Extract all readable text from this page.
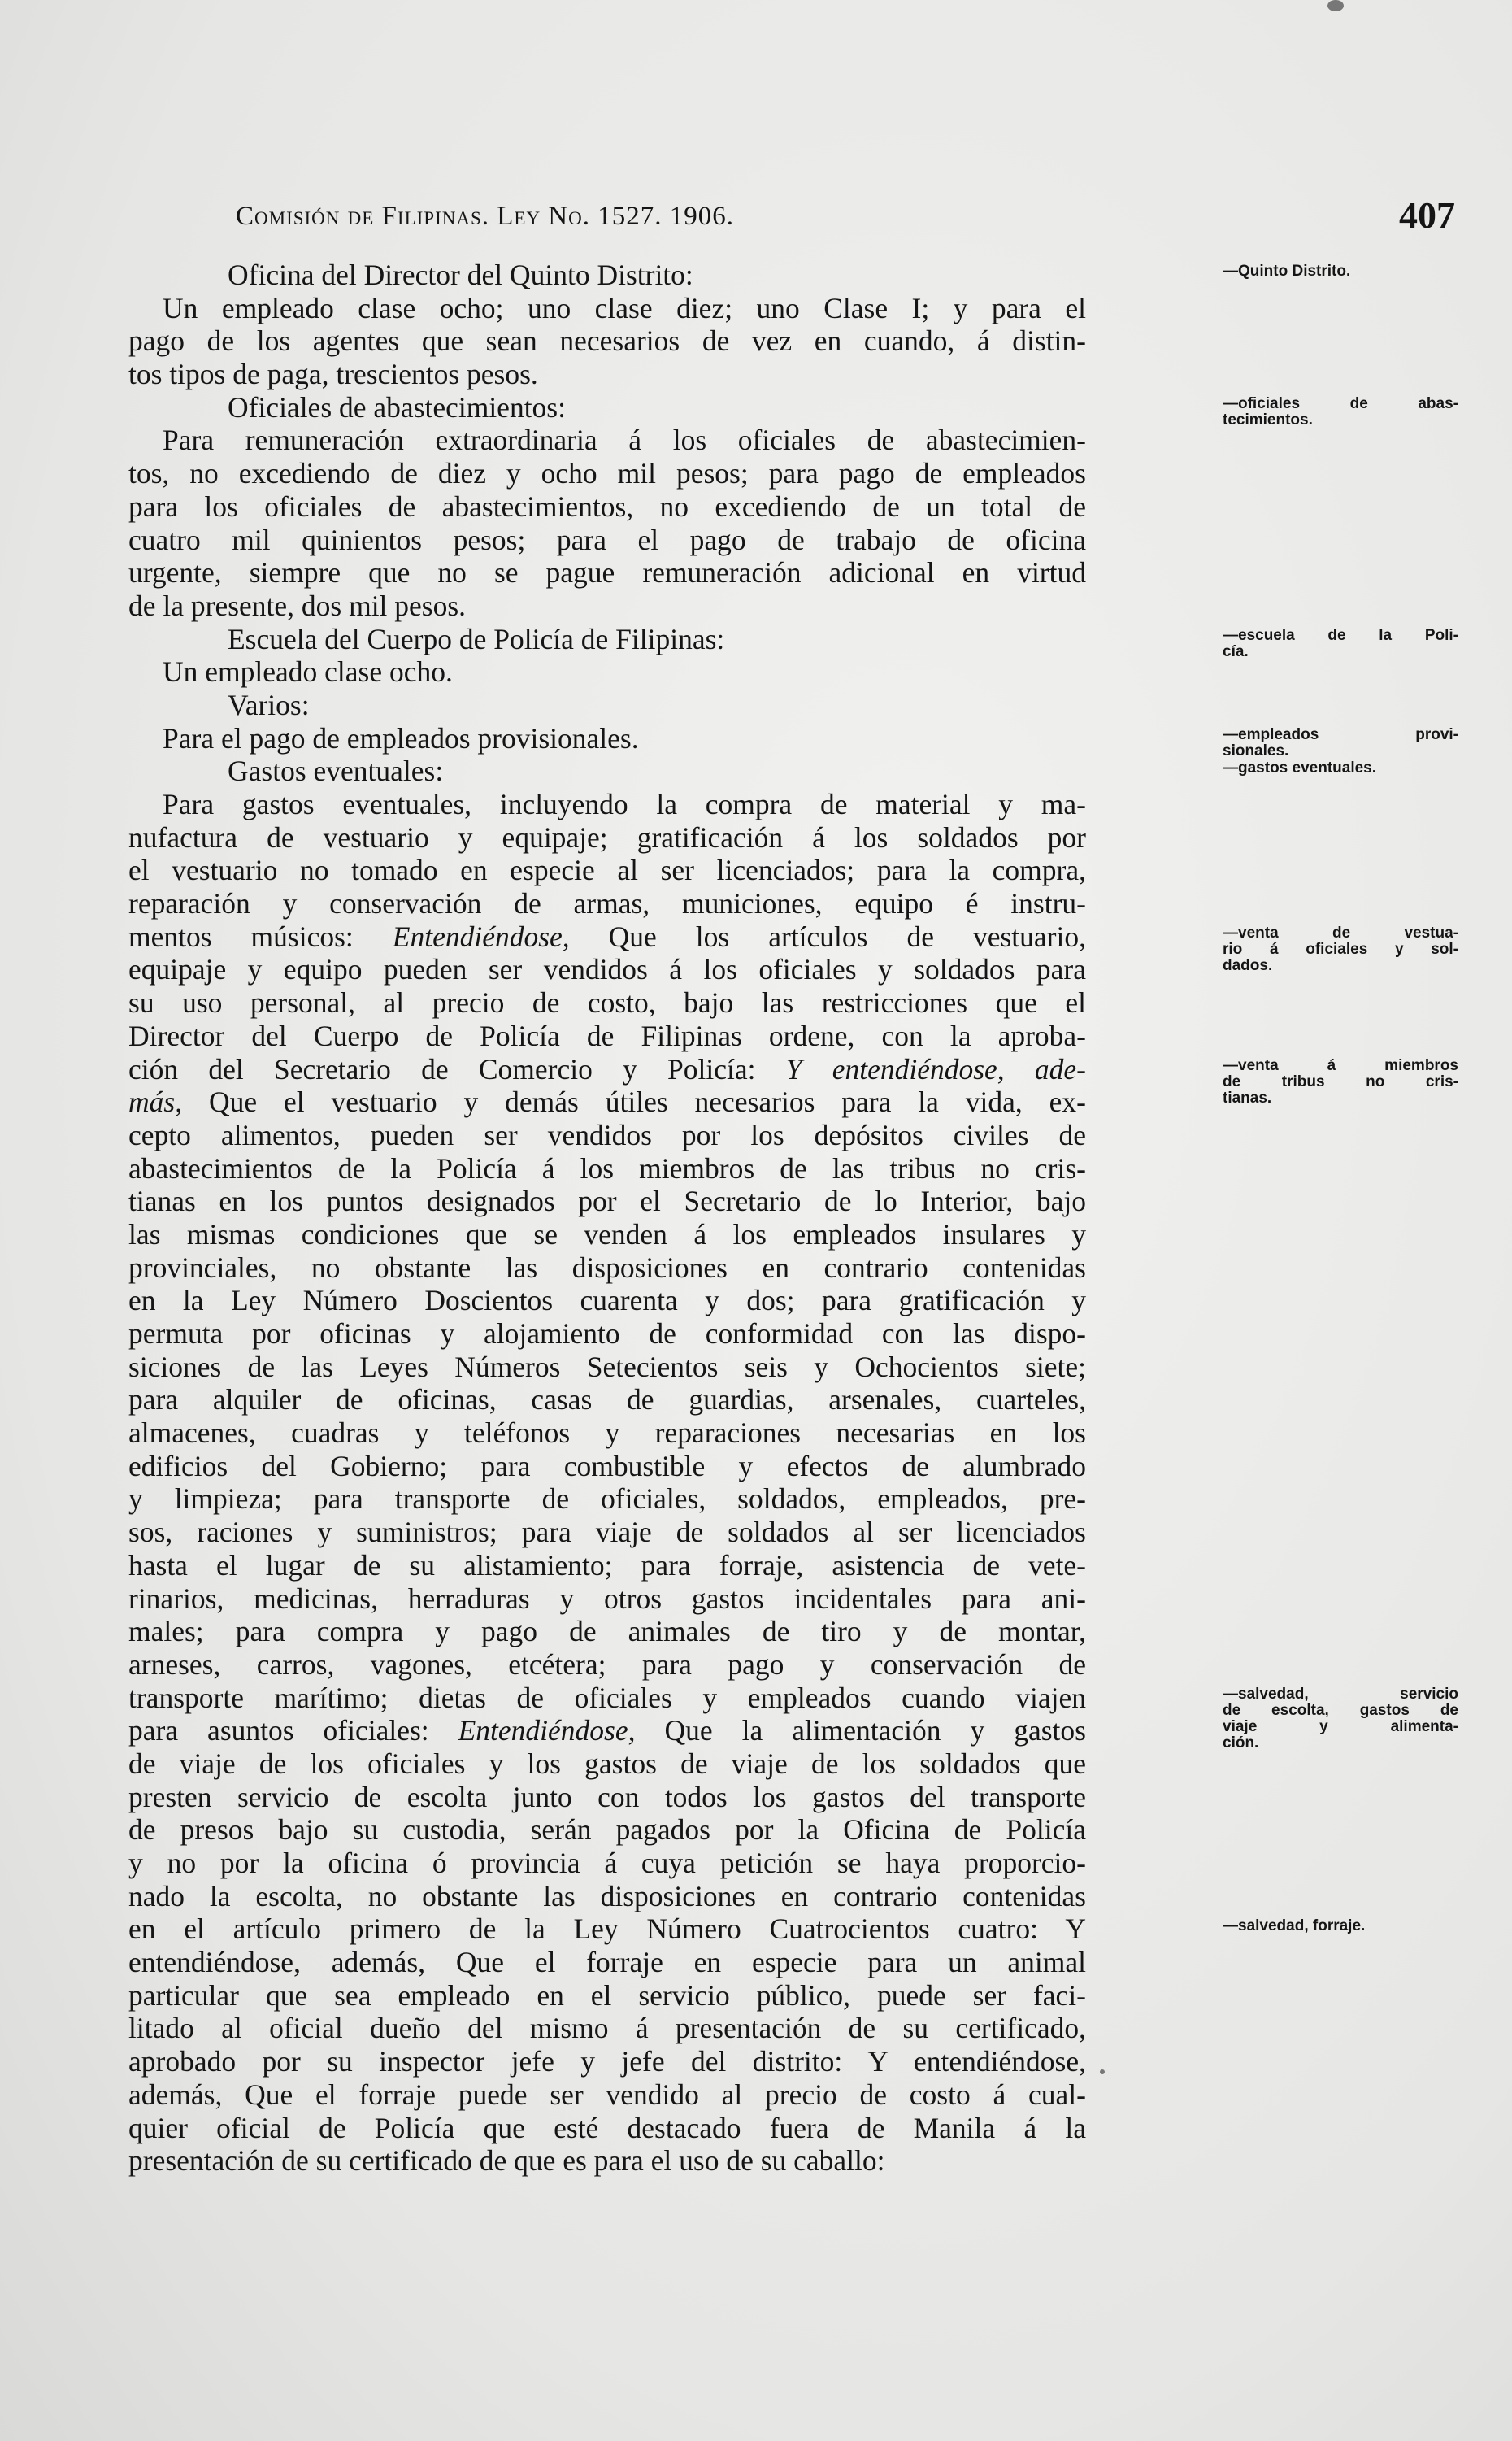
Comisión de Filipinas. Ley No. 1527. 1906.	407
Oficina del Director del Quinto Distrito:
Un empleado clase ocho; uno clase diez; uno Clase I; y para el
pago de los agentes que sean necesarios de vez en cuando, á distin-
tos tipos de paga, trescientos pesos.
Oficiales de abastecimientos:
Para remuneración extraordinaria á los oficiales de abastecimien-
tos, no excediendo de diez y ocho mil pesos; para pago de empleados
para los oficiales de abastecimientos, no excediendo de un total de
cuatro mil quinientos pesos; para el pago de trabajo de oficina
urgente, siempre que no se pague remuneración adicional en virtud
de la presente, dos mil pesos.
Escuela del Cuerpo de Policía de Filipinas:
Un empleado clase ocho.
Varios:
Para el pago de empleados provisionales.
Gastos eventuales:
Para gastos eventuales, incluyendo la compra de material y ma-
nufactura de vestuario y equipaje; gratificación á los soldados por
el vestuario no tomado en especie al ser licenciados; para la compra,
reparación y conservación de armas, municiones, equipo é instru-
mentos músicos: Entendiéndose, Que los artículos de vestuario,
equipaje y equipo pueden ser vendidos á los oficiales y soldados para
su uso personal, al precio de costo, bajo las restricciones que el
Director del Cuerpo de Policía de Filipinas ordene, con la aproba-
ción del Secretario de Comercio y Policía: Y entendiéndose, ade-
más, Que el vestuario y demás útiles necesarios para la vida, ex-
cepto alimentos, pueden ser vendidos por los depósitos civiles de
abastecimientos de la Policía á los miembros de las tribus no cris-
tianas en los puntos designados por el Secretario de lo Interior, bajo
las mismas condiciones que se venden á los empleados insulares y
provinciales, no obstante las disposiciones en contrario contenidas
en la Ley Número Doscientos cuarenta y dos; para gratificación y
permuta por oficinas y alojamiento de conformidad con las dispo-
siciones de las Leyes Números Setecientos seis y Ochocientos siete;
para alquiler de oficinas, casas de guardias, arsenales, cuarteles,
almacenes, cuadras y teléfonos y reparaciones necesarias en los
edificios del Gobierno; para combustible y efectos de alumbrado
y limpieza; para transporte de oficiales, soldados, empleados, pre-
sos, raciones y suministros; para viaje de soldados al ser licenciados
hasta el lugar de su alistamiento; para forraje, asistencia de vete-
rinarios, medicinas, herraduras y otros gastos incidentales para ani-
males; para compra y pago de animales de tiro y de montar,
arneses, carros, vagones, etcétera; para pago y conservación de
transporte marítimo; dietas de oficiales y empleados cuando viajen
para asuntos oficiales: Entendiéndose, Que la alimentación y gastos
de viaje de los oficiales y los gastos de viaje de los soldados que
presten servicio de escolta junto con todos los gastos del transporte
de presos bajo su custodia, serán pagados por la Oficina de Policía
y no por la oficina ó provincia á cuya petición se haya proporcio-
nado la escolta, no obstante las disposiciones en contrario contenidas
en el artículo primero de la Ley Número Cuatrocientos cuatro: Y
entendiéndose, además, Que el forraje en especie para un animal
particular que sea empleado en el servicio público, puede ser faci-
litado al oficial dueño del mismo á presentación de su certificado,
aprobado por su inspector jefe y jefe del distrito: Y entendiéndose,
además, Que el forraje puede ser vendido al precio de costo á cual-
quier oficial de Policía que esté destacado fuera de Manila á la
presentación de su certificado de que es para el uso de su caballo:
—Quinto Distrito.
—oficiales de abas-
tecimientos.
—escuela de la Poli-
cía.
—empleados provi-
sionales.
—gastos eventuales.
—venta de vestua-
rio á oficiales y sol-
dados.
—venta á miembros
de tribus no cris-
tianas.
—salvedad, servicio
de escolta, gastos de
viaje y alimenta-
ción.
—salvedad, forraje.
